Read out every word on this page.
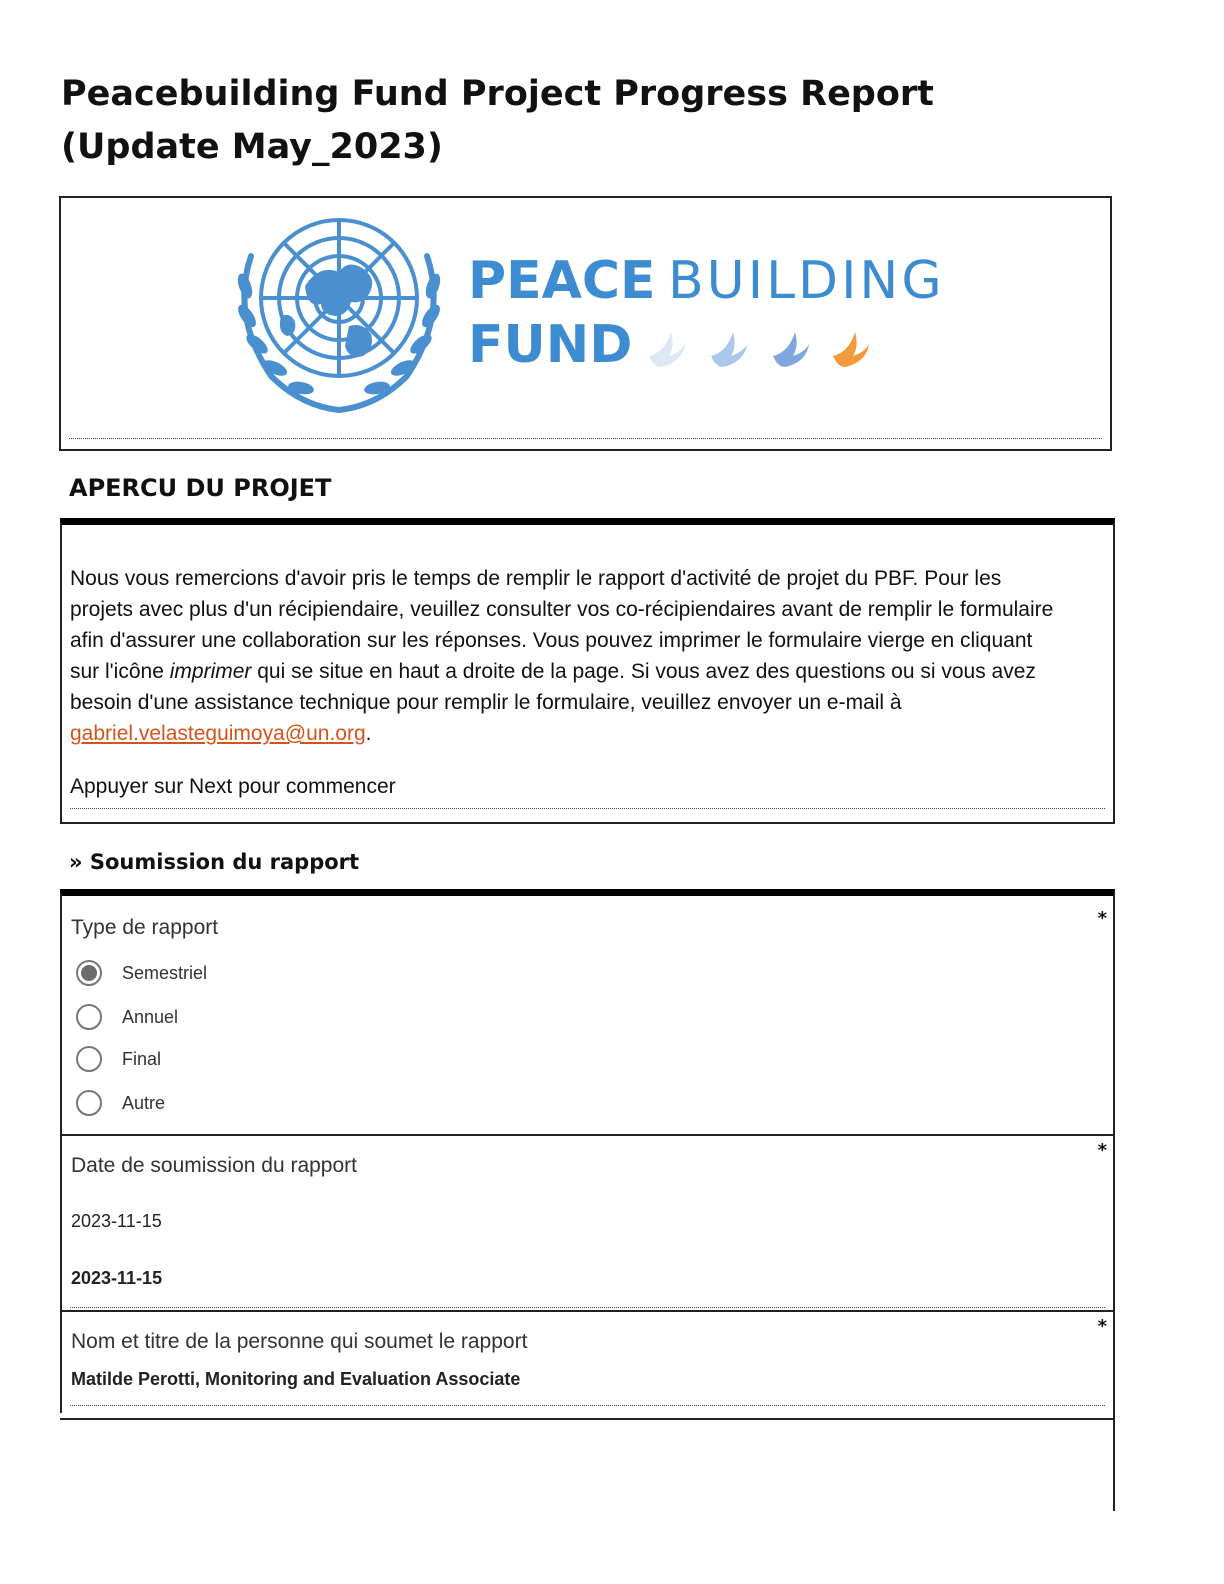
Peacebuilding Fund Project Progress Report (Update May_2023)
PEACE BUILDING
FUND
APERCU DU PROJET

Nous vous remercions d'avoir pris le temps de remplir le rapport d'activité de projet du PBF. Pour les projets avec plus d'un récipiendaire, veuillez consulter vos co-récipiendaires avant de remplir le formulaire afin d'assurer une collaboration sur les réponses. Vous pouvez imprimer le formulaire vierge en cliquant sur l'icône imprimer qui se situe en haut a droite de la page. Si vous avez des questions ou si vous avez besoin d'une assistance technique pour remplir le formulaire, veuillez envoyer un e-mail à gabriel.velasteguimoya@un.org.

Appuyer sur Next pour commencer

» Soumission du rapport
Type de rapport	*
Semestriel
Annuel
Final
Autre
Date de soumission du rapport
*
2023-11-15
2023-11-15
Nom et titre de la personne qui soumet le rapport
*
Matilde Perotti, Monitoring and Evaluation Associate
